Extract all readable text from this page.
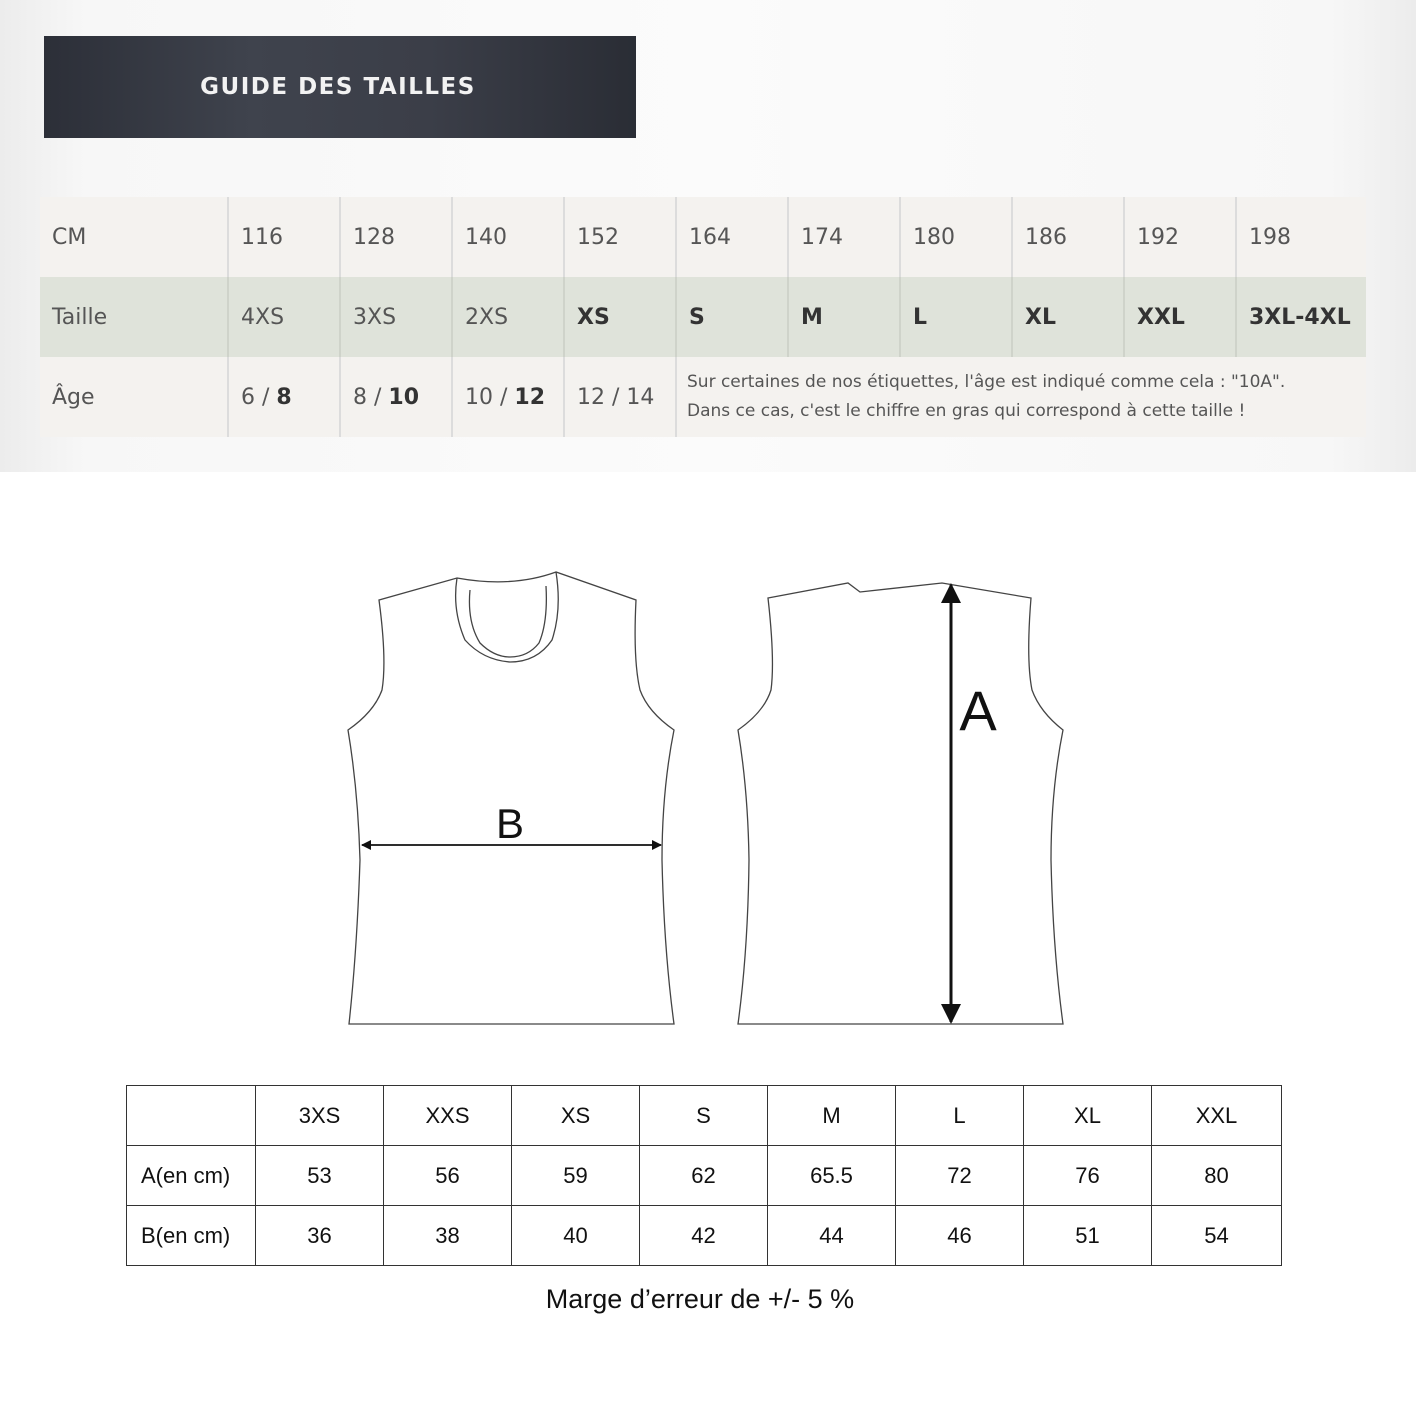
GUIDE DES TAILLES
CM	116	128	140	152	164	174	180	186	192	198
Taille	4XS	3XS	2XS	XS	S	M	L	XL	XXL	3XL-4XL
Âge	6 / 8	8 / 10	10 / 12	12 / 14	Sur certaines de nos étiquettes, l'âge est indiqué comme cela : "10A".
Dans ce cas, c'est le chiffre en gras qui correspond à cette taille !					
B
A
	3XS	XXS	XS	S	M	L	XL	XXL
A(en cm)	53	56	59	62	65.5	72	76	80
B(en cm)	36	38	40	42	44	46	51	54
Marge d’erreur de +/- 5 %
